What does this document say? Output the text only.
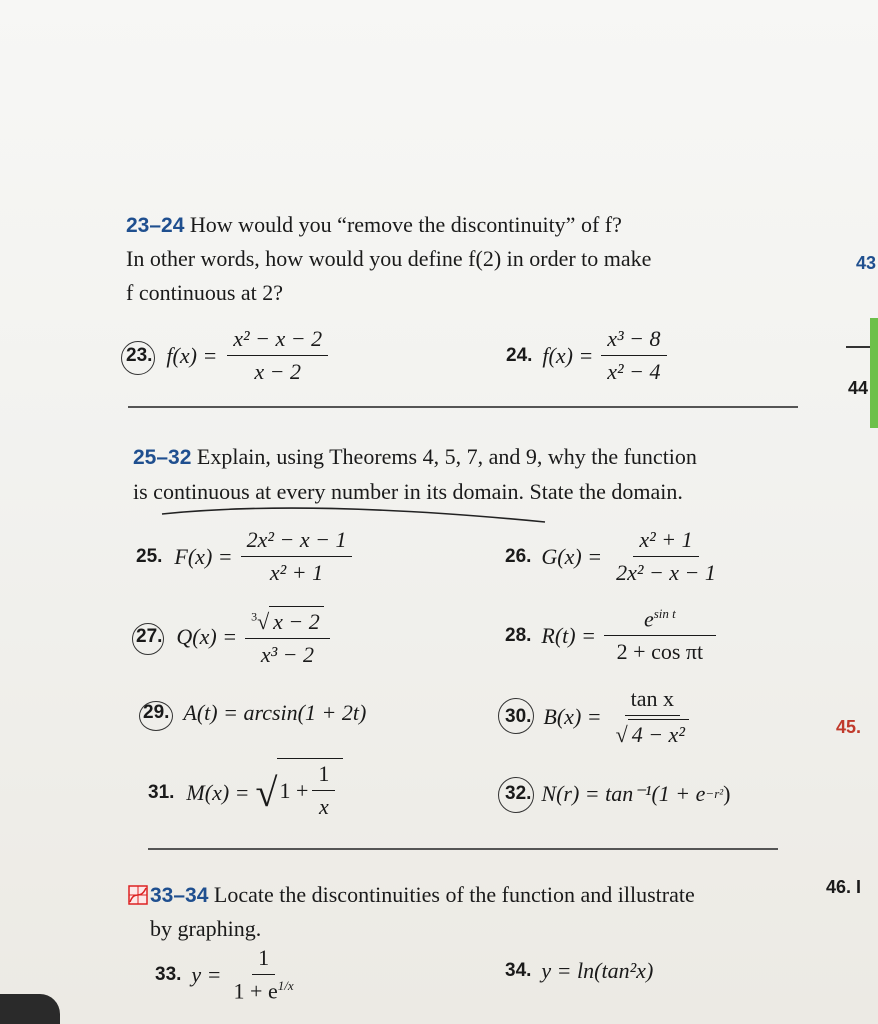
23–24 How would you “remove the discontinuity” of f?
In other words, how would you define f(2) in order to make
f continuous at 2?
23. $f(x) = \frac{\text{x² − x − 2}}{x - 2}$	24. $f(x) = \frac{\text{x³ − 8}}{\text{x² − 4}}$
25–32 Explain, using Theorems 4, 5, 7, and 9, why the function
is continuous at every number in its domain. State the domain.
25. $F(x) = \frac{\text{2x² − x − 1}}{\text{x² + 1}}$	26. $G(x) = \frac{\text{x² + 1}}{\text{2x² − x − 1}}$
27. $Q(x) = \frac{^3√ x - 2}{\text{x³ − 2}}$	28. $R(t) = \frac{e^{sin t}}{\text{2 + cos πt}}$
29. A(t) = arcsin(1 + 2t)	30. $B(x) = \frac{\text{tan x}}{\text{√ 4 − x²}}$
31. M(x) = √ $1 + \frac{1}{x}$	32. N(r) = tan⁻¹(1 + e −r² )
33–34 Locate the discontinuities of the function and illustrate
by graphing.
33. $y = \frac{1}{1 + e^{1/x}}$	34. y = ln(tan²x)
43
44
45.
46. I
